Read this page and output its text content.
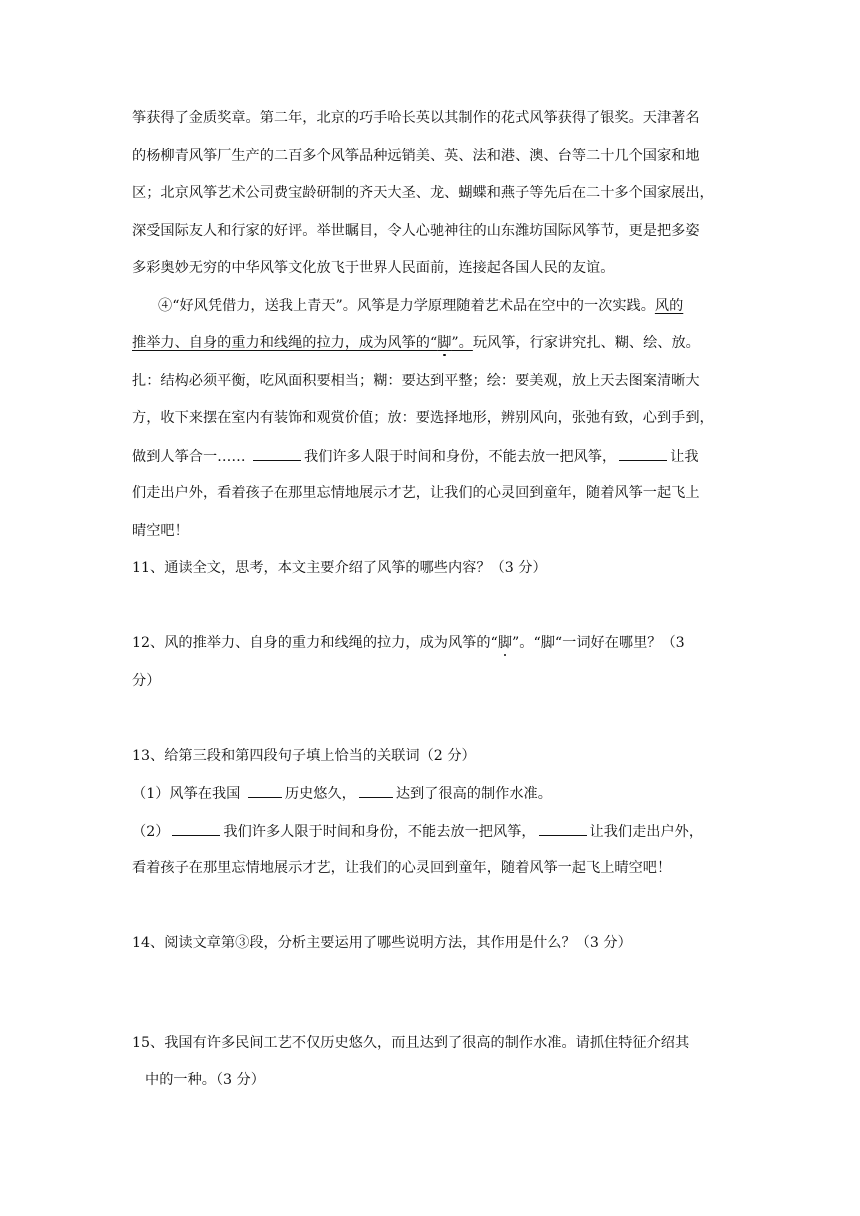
筝获得了金质奖章。第二年，北京的巧手哈长英以其制作的花式风筝获得了银奖。天津著名
的杨柳青风筝厂生产的二百多个风筝品种远销美、英、法和港、澳、台等二十几个国家和地
区；北京风筝艺术公司费宝龄研制的齐天大圣、龙、蝴蝶和燕子等先后在二十多个国家展出，
深受国际友人和行家的好评。举世瞩目，令人心驰神往的山东潍坊国际风筝节，更是把多姿
多彩奥妙无穷的中华风筝文化放飞于世界人民面前，连接起各国人民的友谊。
④“好风凭借力，送我上青天”。风筝是力学原理随着艺术品在空中的一次实践。风的
推举力、自身的重力和线绳的拉力，成为风筝的“脚”。玩风筝，行家讲究扎、糊、绘、放。
扎：结构必须平衡，吃风面积要相当；糊：要达到平整；绘：要美观，放上天去图案清晰大
方，收下来摆在室内有装饰和观赏价值；放：要选择地形，辨别风向，张弛有致，心到手到，
做到人筝合一……	我们许多人限于时间和身份，不能去放一把风筝，	让我
们走出户外，看着孩子在那里忘情地展示才艺，让我们的心灵回到童年，随着风筝一起飞上
晴空吧！
11、通读全文，思考，本文主要介绍了风筝的哪些内容？（3 分）
12、风的推举力、自身的重力和线绳的拉力，成为风筝的“脚”。“脚“一词好在哪里？（3
分）
13、给第三段和第四段句子填上恰当的关联词（2 分）
（1）风筝在我国	历史悠久，	达到了很高的制作水准。
（2）	我们许多人限于时间和身份，不能去放一把风筝，	让我们走出户外，
看着孩子在那里忘情地展示才艺，让我们的心灵回到童年，随着风筝一起飞上晴空吧！
14、阅读文章第③段，分析主要运用了哪些说明方法，其作用是什么？（3 分）
15、我国有许多民间工艺不仅历史悠久，而且达到了很高的制作水准。请抓住特征介绍其
中的一种。（3 分）
